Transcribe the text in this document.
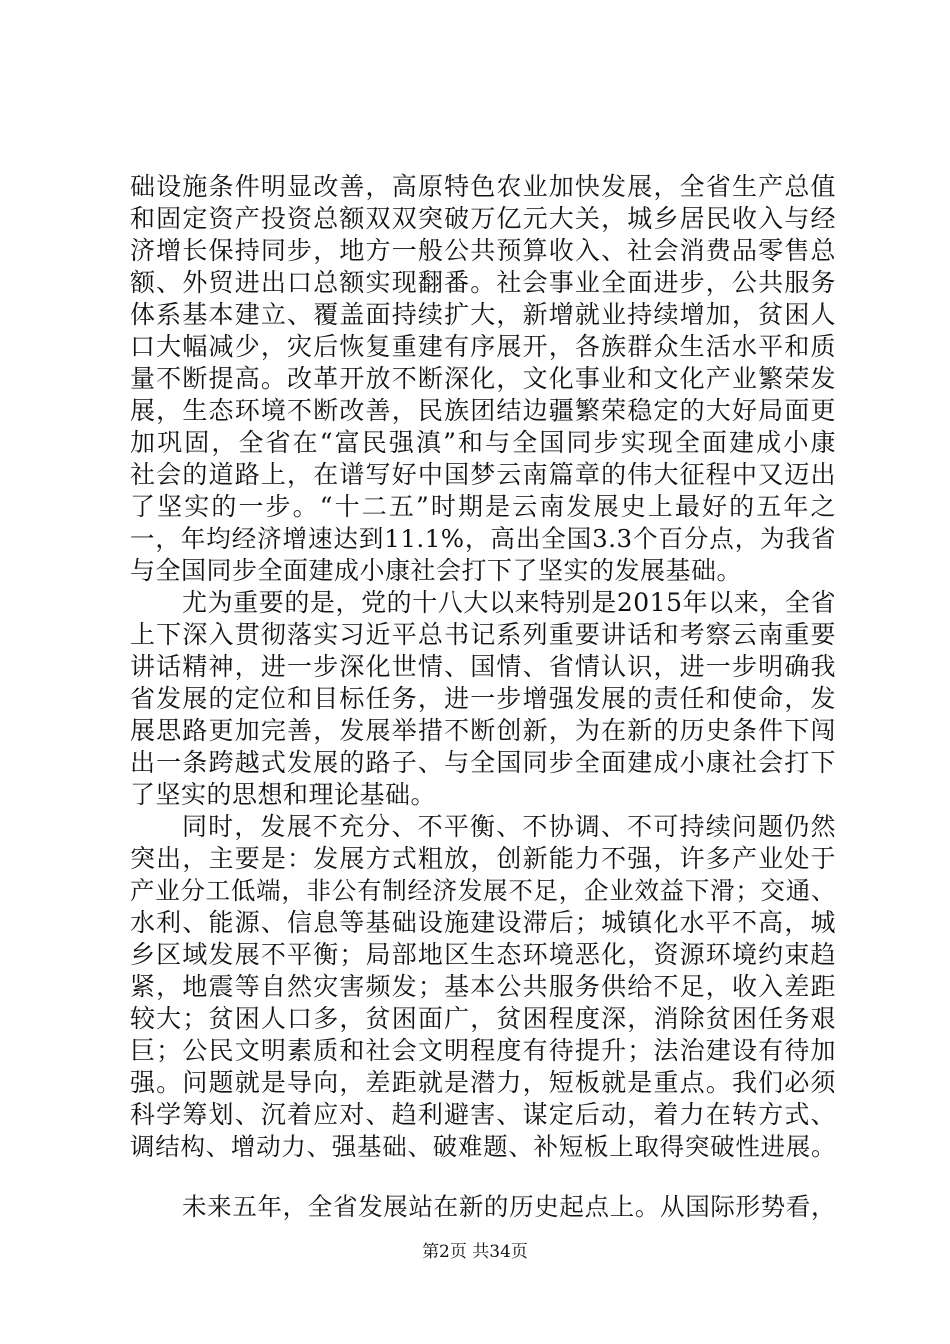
础设施条件明显改善，高原特色农业加快发展，全省生产总值
和固定资产投资总额双双突破万亿元大关，城乡居民收入与经
济增长保持同步，地方一般公共预算收入、社会消费品零售总
额、外贸进出口总额实现翻番。社会事业全面进步，公共服务
体系基本建立、覆盖面持续扩大，新增就业持续增加，贫困人
口大幅减少，灾后恢复重建有序展开，各族群众生活水平和质
量不断提高。改革开放不断深化，文化事业和文化产业繁荣发
展，生态环境不断改善，民族团结边疆繁荣稳定的大好局面更
加巩固，全省在“富民强滇”和与全国同步实现全面建成小康
社会的道路上，在谱写好中国梦云南篇章的伟大征程中又迈出
了坚实的一步。“十二五”时期是云南发展史上最好的五年之
一，年均经济增速达到11.1%，高出全国3.3个百分点，为我省
与全国同步全面建成小康社会打下了坚实的发展基础。
尤为重要的是，党的十八大以来特别是2015年以来，全省
上下深入贯彻落实习近平总书记系列重要讲话和考察云南重要
讲话精神，进一步深化世情、国情、省情认识，进一步明确我
省发展的定位和目标任务，进一步增强发展的责任和使命，发
展思路更加完善，发展举措不断创新，为在新的历史条件下闯
出一条跨越式发展的路子、与全国同步全面建成小康社会打下
了坚实的思想和理论基础。
同时，发展不充分、不平衡、不协调、不可持续问题仍然
突出，主要是：发展方式粗放，创新能力不强，许多产业处于
产业分工低端，非公有制经济发展不足，企业效益下滑；交通、
水利、能源、信息等基础设施建设滞后；城镇化水平不高，城
乡区域发展不平衡；局部地区生态环境恶化，资源环境约束趋
紧，地震等自然灾害频发；基本公共服务供给不足，收入差距
较大；贫困人口多，贫困面广，贫困程度深，消除贫困任务艰
巨；公民文明素质和社会文明程度有待提升；法治建设有待加
强。问题就是导向，差距就是潜力，短板就是重点。我们必须
科学筹划、沉着应对、趋利避害、谋定后动，着力在转方式、
调结构、增动力、强基础、破难题、补短板上取得突破性进展。
未来五年，全省发展站在新的历史起点上。从国际形势看，
第2页 共34页
